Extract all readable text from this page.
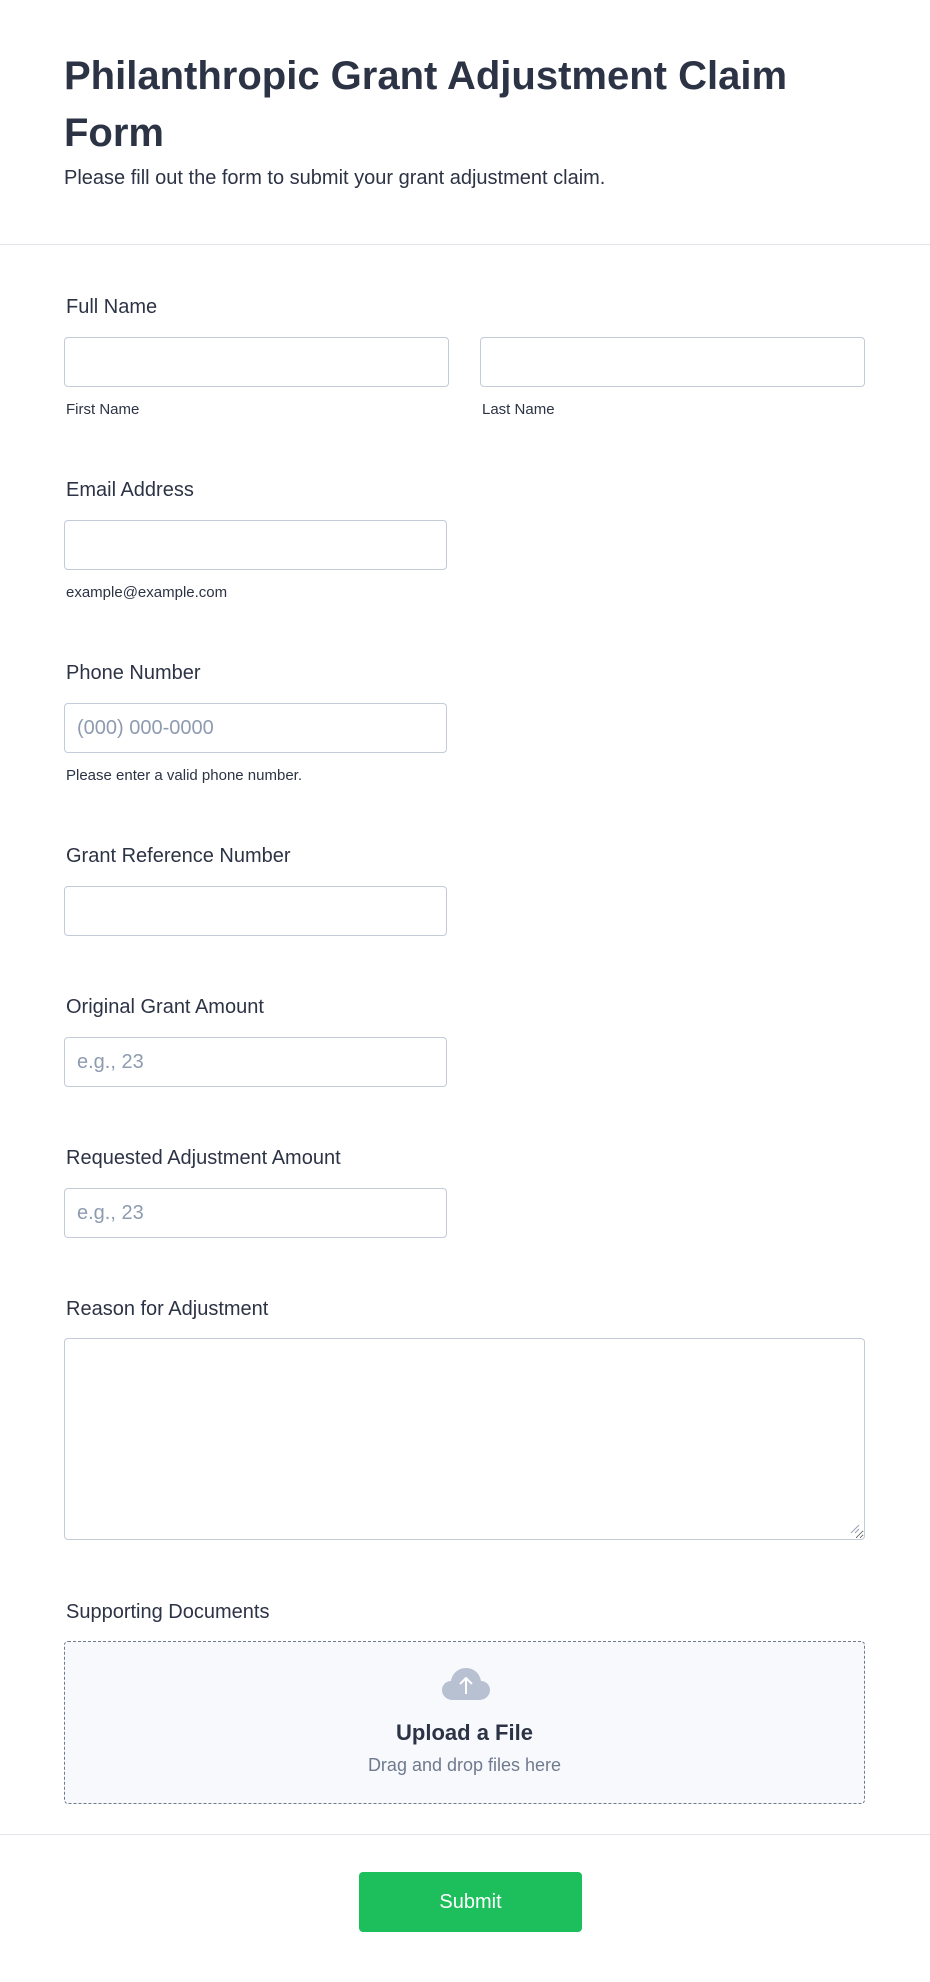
Philanthropic Grant Adjustment Claim Form

Please fill out the form to submit your grant adjustment claim.

Full Name
First Name	Last Name
Email Address
example@example.com
Phone Number
(000) 000-0000
Please enter a valid phone number.
Grant Reference Number
Original Grant Amount
e.g., 23
Requested Adjustment Amount
e.g., 23
Reason for Adjustment
Supporting Documents
Upload a File
Drag and drop files here
Submit
